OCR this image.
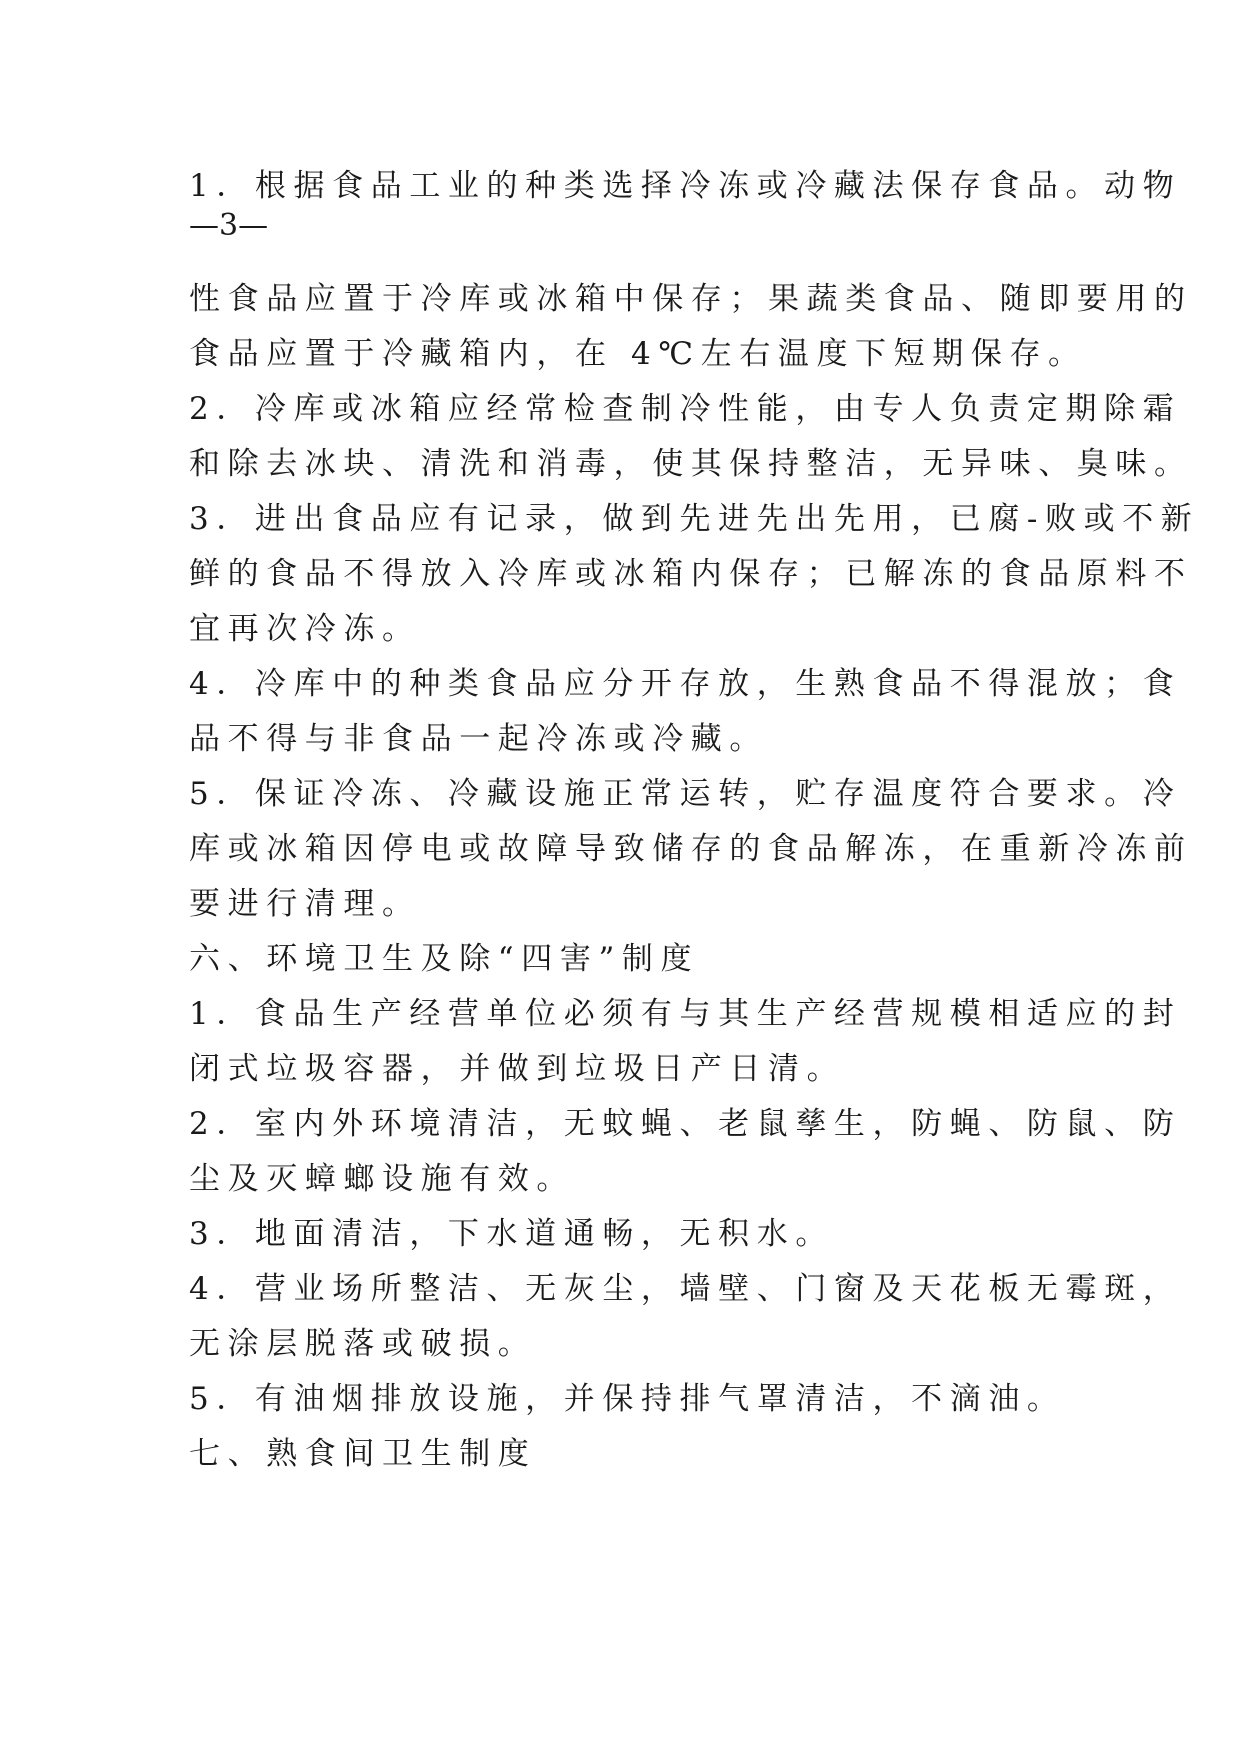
1．根据食品工业的种类选择冷冻或冷藏法保存食品。动物

—3—

性食品应置于冷库或冰箱中保存；果蔬类食品、随即要用的

食品应置于冷藏箱内，在 4℃左右温度下短期保存。

2．冷库或冰箱应经常检查制冷性能，由专人负责定期除霜

和除去冰块、清洗和消毒，使其保持整洁，无异味、臭味。

3．进出食品应有记录，做到先进先出先用，已腐-败或不新

鲜的食品不得放入冷库或冰箱内保存；已解冻的食品原料不

宜再次冷冻。

4．冷库中的种类食品应分开存放，生熟食品不得混放；食

品不得与非食品一起冷冻或冷藏。

5．保证冷冻、冷藏设施正常运转，贮存温度符合要求。冷

库或冰箱因停电或故障导致储存的食品解冻，在重新冷冻前

要进行清理。

六、环境卫生及除“四害”制度

1．食品生产经营单位必须有与其生产经营规模相适应的封

闭式垃圾容器，并做到垃圾日产日清。

2．室内外环境清洁，无蚊蝇、老鼠孳生，防蝇、防鼠、防

尘及灭蟑螂设施有效。

3．地面清洁，下水道通畅，无积水。

4．营业场所整洁、无灰尘，墙壁、门窗及天花板无霉斑，

无涂层脱落或破损。

5．有油烟排放设施，并保持排气罩清洁，不滴油。

七、熟食间卫生制度
